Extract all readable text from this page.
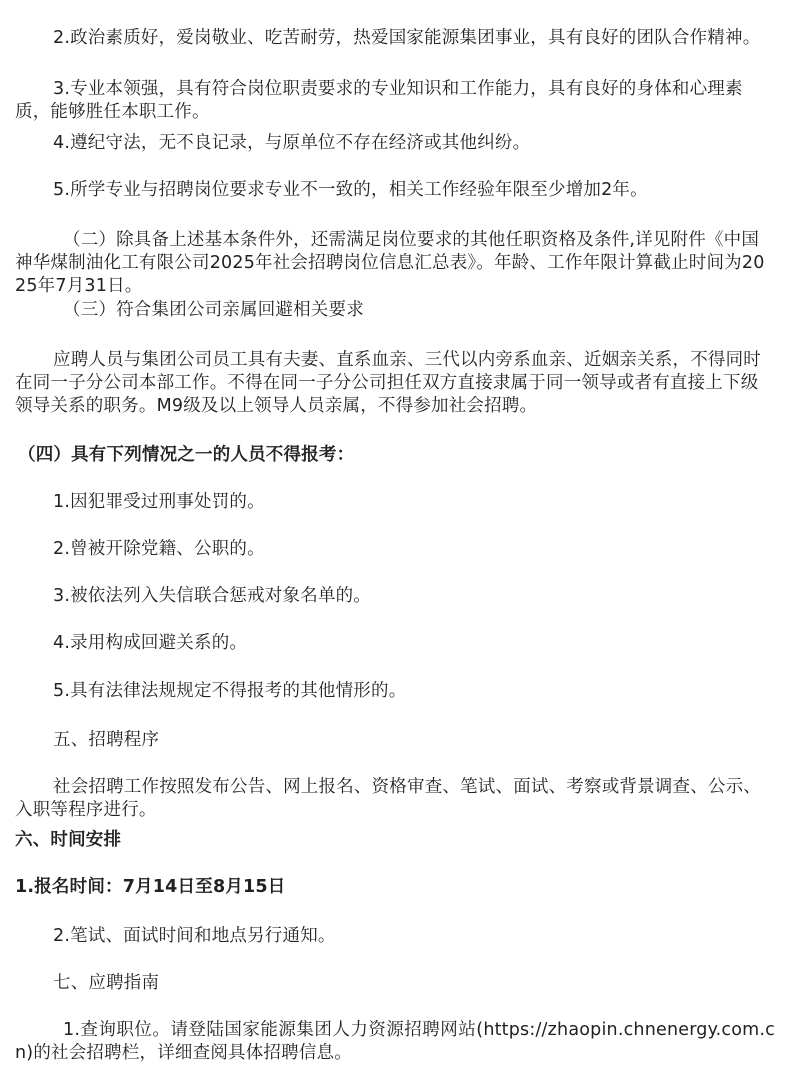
2.政治素质好，爱岗敬业、吃苦耐劳，热爱国家能源集团事业，具有良好的团队合作精神。

3.专业本领强，具有符合岗位职责要求的专业知识和工作能力，具有良好的身体和心理素质，能够胜任本职工作。

4.遵纪守法，无不良记录，与原单位不存在经济或其他纠纷。

5.所学专业与招聘岗位要求专业不一致的，相关工作经验年限至少增加2年。

（二）除具备上述基本条件外，还需满足岗位要求的其他任职资格及条件,详见附件《中国神华煤制油化工有限公司2025年社会招聘岗位信息汇总表》。年龄、工作年限计算截止时间为2025年7月31日。

（三）符合集团公司亲属回避相关要求

应聘人员与集团公司员工具有夫妻、直系血亲、三代以内旁系血亲、近姻亲关系，不得同时在同一子分公司本部工作。不得在同一子分公司担任双方直接隶属于同一领导或者有直接上下级领导关系的职务。M9级及以上领导人员亲属，不得参加社会招聘。

（四）具有下列情况之一的人员不得报考：

1.因犯罪受过刑事处罚的。

2.曾被开除党籍、公职的。

3.被依法列入失信联合惩戒对象名单的。

4.录用构成回避关系的。

5.具有法律法规规定不得报考的其他情形的。

五、招聘程序

社会招聘工作按照发布公告、网上报名、资格审查、笔试、面试、考察或背景调查、公示、入职等程序进行。

六、时间安排

1.报名时间：7月14日至8月15日

2.笔试、面试时间和地点另行通知。

七、应聘指南

1.查询职位。请登陆国家能源集团人力资源招聘网站(https://zhaopin.chnenergy.com.cn)的社会招聘栏，详细查阅具体招聘信息。
